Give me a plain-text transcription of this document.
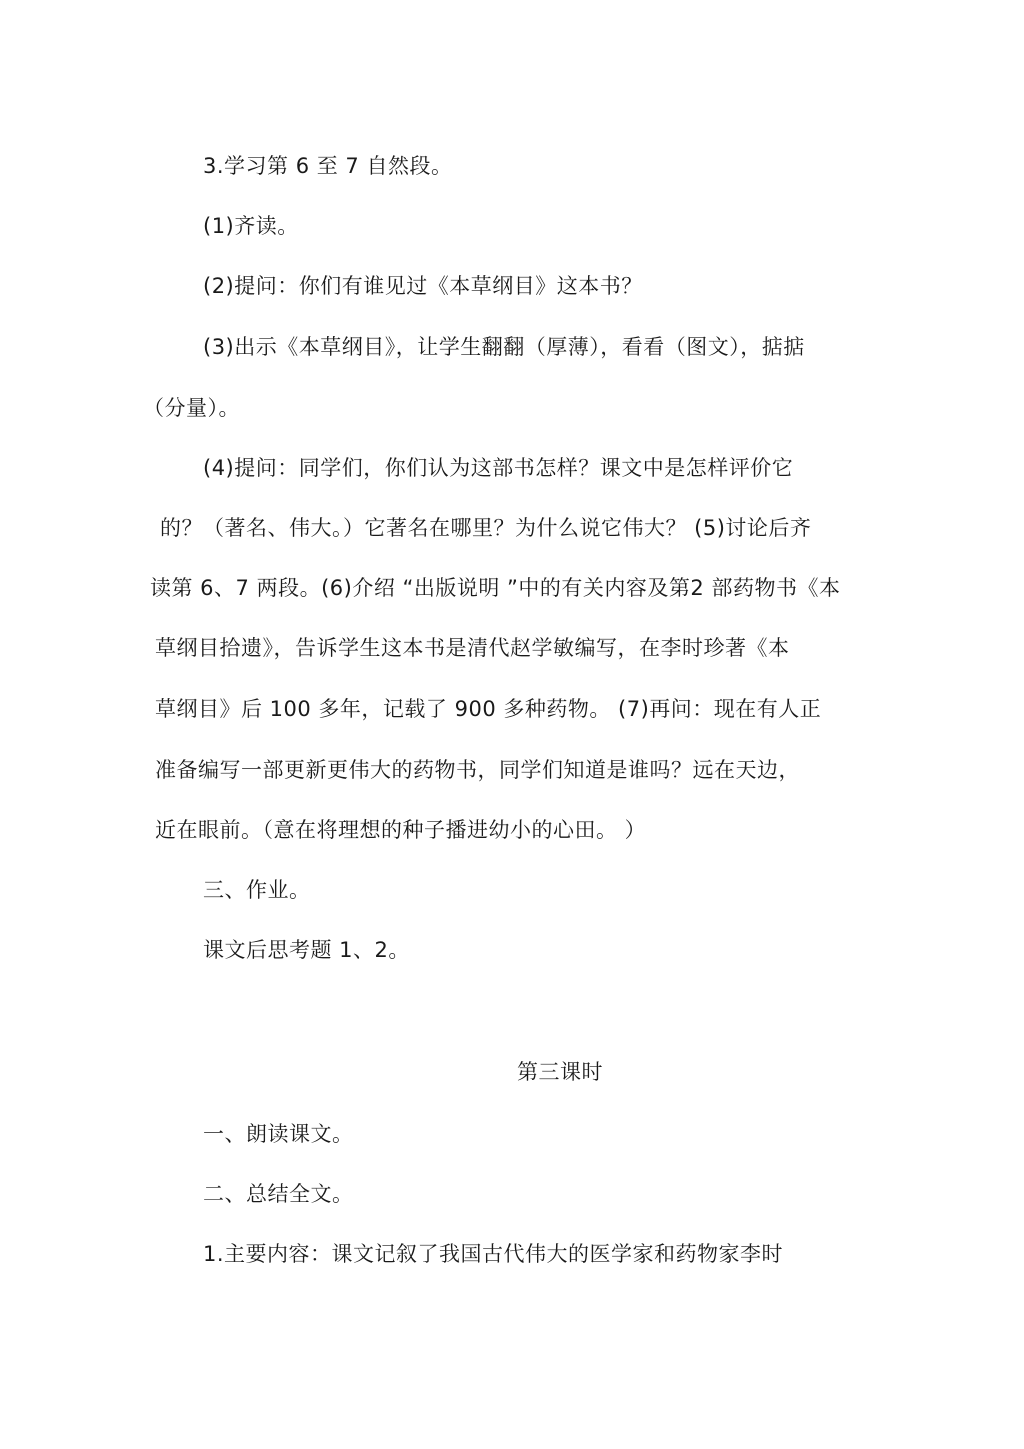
3.学习第 6 至 7 自然段。
(1)齐读。
(2)提问：你们有谁见过《本草纲目》这本书？
(3)出示《本草纲目》，让学生翻翻（厚薄），看看（图文），掂掂
（分量）。
(4)提问：同学们，你们认为这部书怎样？课文中是怎样评价它
的？（著名、伟大。）它著名在哪里？为什么说它伟大？ (5)讨论后齐
读第 6、7 两段。(6)介绍 “出版说明 ”中的有关内容及第2 部药物书《本
草纲目拾遗》，告诉学生这本书是清代赵学敏编写，在李时珍著《本
草纲目》后 100 多年，记载了 900 多种药物。 (7)再问：现在有人正
准备编写一部更新更伟大的药物书，同学们知道是谁吗？远在天边，
近在眼前。（意在将理想的种子播进幼小的心田。 ）
三、作业。
课文后思考题 1、2。
第三课时
一、朗读课文。
二、总结全文。
1.主要内容：课文记叙了我国古代伟大的医学家和药物家李时
